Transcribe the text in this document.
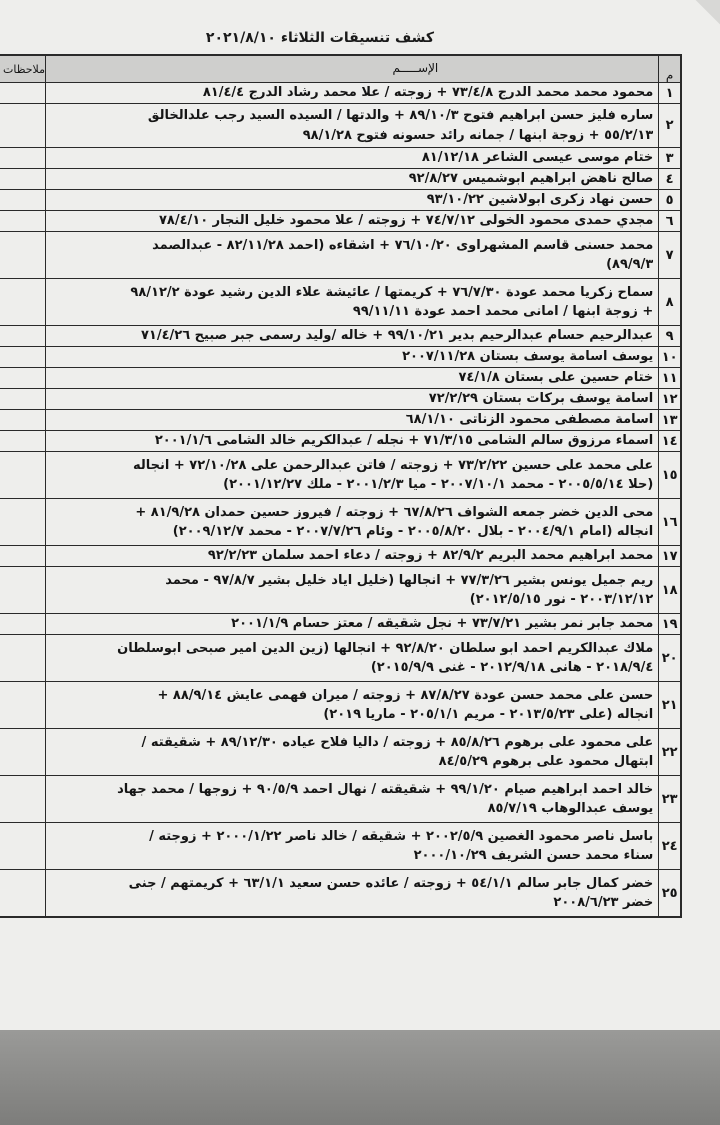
كشف تنسيقات الثلاثاء ٢٠٢١/٨/١٠
م	الإســـــم	ملاحظات
١	محمود محمد محمد الدرج ٧٣/٤/٨ + زوجته / علا محمد رشاد الدرج ٨١/٤/٤	

٢	ساره فليز حسن ابراهيم فتوح ٨٩/١٠/٣ + والدتها / السيده السيد رجب علدالخالق
٥٥/٢/١٣ + زوجة ابنها / جمانه رائد حسونه فتوح ٩٨/١/٢٨	

٣	ختام موسى عيسى الشاعر ٨١/١٢/١٨	

٤	صالح ناهض ابراهيم ابوشميس ٩٢/٨/٢٧	

٥	حسن نهاد زكرى ابولاشين ٩٣/١٠/٢٢	

٦	مجدي حمدى محمود الخولى ٧٤/٧/١٢ + زوجته / علا محمود خليل النجار ٧٨/٤/١٠	

٧	محمد حسنى قاسم المشهراوى ٧٦/١٠/٢٠ + اشقاءه (احمد ٨٢/١١/٢٨ - عبدالصمد
٨٩/٩/٣)	

٨	سماح زكريا محمد عودة ٧٦/٧/٣٠ + كريمتها / عائيشة علاء الدين رشيد عودة ٩٨/١٢/٢
+ زوجة ابنها / امانى محمد احمد عودة ٩٩/١١/١١	

٩	عبدالرحيم حسام عبدالرحيم بدير ٩٩/١٠/٢١ + خاله /وليد رسمى جبر صبيح ٧١/٤/٢٦	

١٠	يوسف اسامة يوسف بستان ٢٠٠٧/١١/٢٨	

١١	ختام حسين على بستان ٧٤/١/٨	

١٢	اسامة يوسف بركات بستان ٧٢/٢/٢٩	

١٣	اسامة مصطفى محمود الزناتى ٦٨/١/١٠	

١٤	اسماء مرزوق سالم الشامى ٧١/٣/١٥ + نجله / عبدالكريم خالد الشامى ٢٠٠١/١/٦	

١٥	على محمد على حسين ٧٣/٢/٢٢ + زوجته / فاتن عبدالرحمن على ٧٢/١٠/٢٨ + انجاله
(حلا ٢٠٠٥/٥/١٤ - محمد ٢٠٠٧/١٠/١ - ميا ٢٠٠١/٢/٣ - ملك ٢٠٠١/١٢/٢٧)	

١٦	محى الدين خضر جمعه الشواف ٦٧/٨/٢٦ + زوجته / فيروز حسين حمدان ٨١/٩/٢٨ +
انجاله (امام ٢٠٠٤/٩/١ - بلال ٢٠٠٥/٨/٢٠ - وئام ٢٠٠٧/٧/٢٦ - محمد ٢٠٠٩/١٢/٧)	

١٧	محمد ابراهيم محمد البريم ٨٢/٩/٢ + زوجته / دعاء احمد سلمان ٩٢/٢/٢٣	

١٨	ريم جميل يونس بشير ٧٧/٣/٢٦ + انجالها (خليل اياد خليل بشير ٩٧/٨/٧ - محمد
٢٠٠٣/١٢/١٢ - نور ٢٠١٢/٥/١٥)	

١٩	محمد جابر نمر بشير ٧٣/٧/٢١ + نجل شقيقه / معتز حسام ٢٠٠١/١/٩	

٢٠	ملاك عبدالكريم احمد ابو سلطان ٩٢/٨/٢٠ + انجالها (زين الدين امير صبحى ابوسلطان
٢٠١٨/٩/٤ - هانى ٢٠١٢/٩/١٨ - غنى ٢٠١٥/٩/٩)	

٢١	حسن على محمد حسن عودة ٨٧/٨/٢٧ + زوجته / ميران فهمى عايش ٨٨/٩/١٤ +
انجاله (على ٢٠١٣/٥/٢٣ - مريم ٢٠٥/١/١ - ماريا ٢٠١٩)	

٢٢	على محمود على برهوم ٨٥/٨/٢٦ + زوجته / داليا فلاح عياده ٨٩/١٢/٣٠ + شقيقته /
ابتهال محمود على برهوم ٨٤/٥/٢٩	

٢٣	خالد احمد ابراهيم صيام ٩٩/١/٢٠ + شقيقته / نهال احمد ٩٠/٥/٩ + زوجها / محمد جهاد
يوسف عبدالوهاب ٨٥/٧/١٩	

٢٤	باسل ناصر محمود الغصين ٢٠٠٢/٥/٩ + شقيقه / خالد ناصر ٢٠٠٠/١/٢٢ + زوجته /
سناء محمد حسن الشريف ٢٠٠٠/١٠/٢٩	

٢٥	خضر كمال جابر سالم ٥٤/١/١ + زوجته / عائده حسن سعيد ٦٣/١/١ + كريمتهم / جنى
خضر ٢٠٠٨/٦/٢٣	
